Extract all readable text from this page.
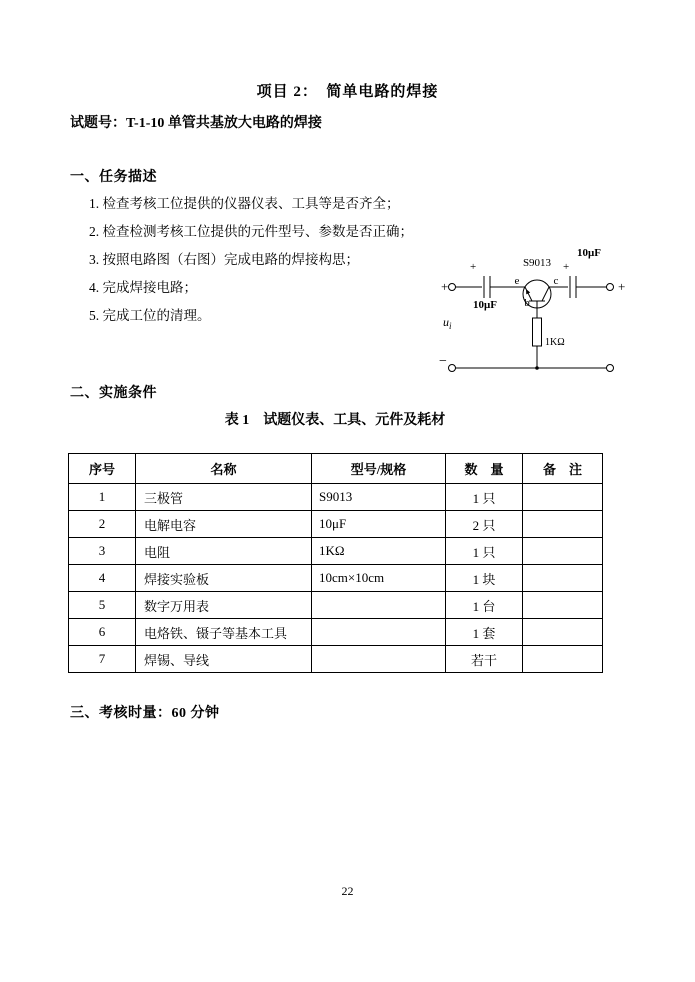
项目 2：　简单电路的焊接
试题号：T-1-10 单管共基放大电路的焊接
一、任务描述
1. 检查考核工位提供的仪器仪表、工具等是否齐全；
2. 检查检测考核工位提供的元件型号、参数是否正确；
3. 按照电路图（右图）完成电路的焊接构思；
4. 完成焊接电路；
5. 完成工位的清理。
+
+
10μF
S9013
e	c
b
1KΩ
+
10μF
+
$u_i$
−
二、实施条件
表 1　试题仪表、工具、元件及耗材
序号	名称	型号/规格	数　量	备　注
1	三极管	S9013	1 只	
2	电解电容	10μF	2 只	
3	电阻	1KΩ	1 只	
4	焊接实验板	10cm×10cm	1 块	
5	数字万用表		1 台	
6	电烙铁、镊子等基本工具		1 套	
7	焊锡、导线		若干	
三、考核时量：60 分钟
22
